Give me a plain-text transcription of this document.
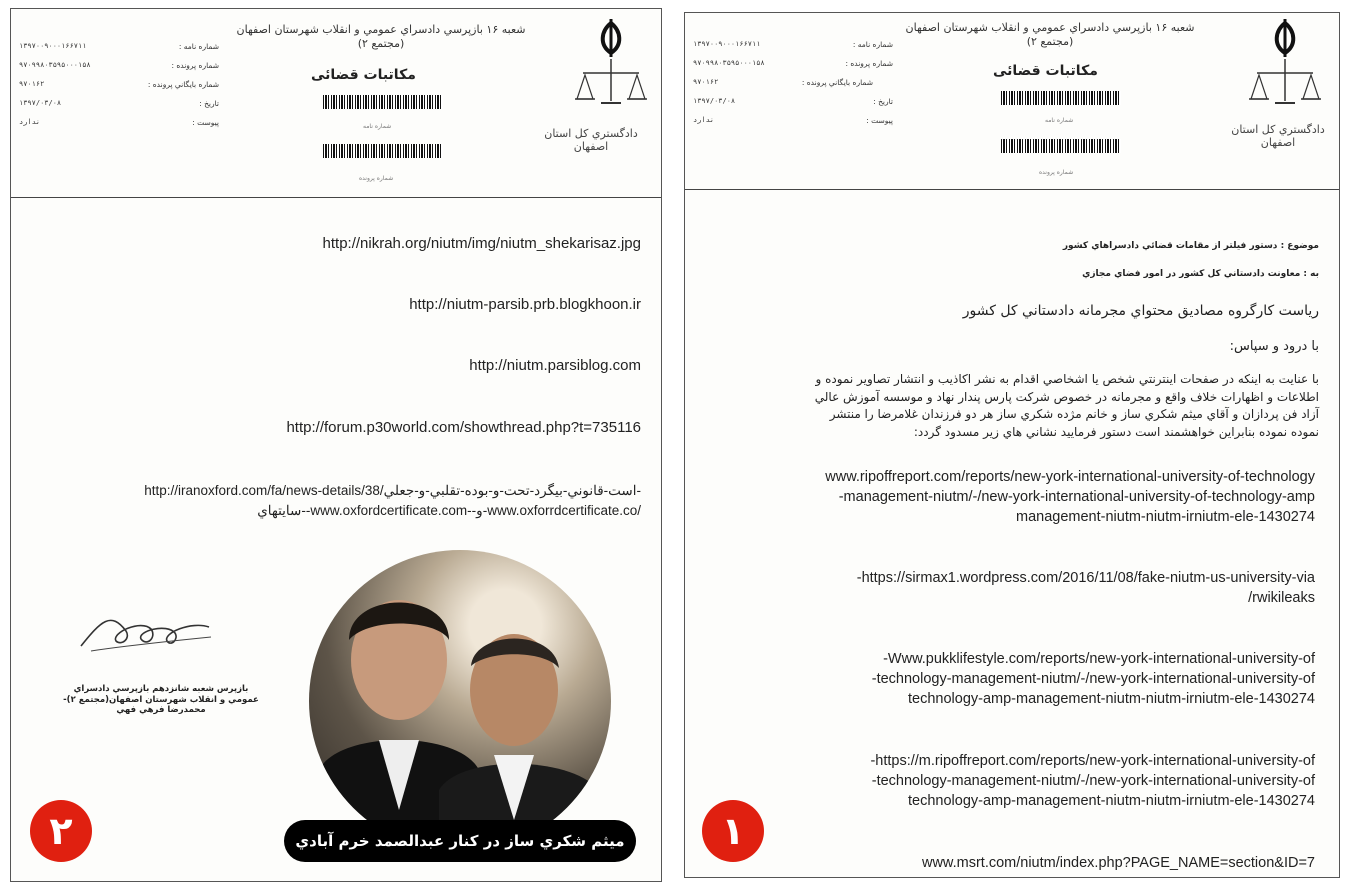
۱۳۹۷۰۰۹۰۰۰۱۶۶۷۱۱	شماره نامه :
۹۷۰۹۹۸۰۳۵۹۵۰۰۰۱۵۸	شماره پرونده :
۹۷۰۱۶۲	شماره بايگاني پرونده :
۱۳۹۷/۰۳/۰۸	تاريخ :
ندارد	پيوست :
شعبه ۱۶ بازپرسي دادسراي عمومي و انقلاب شهرستان اصفهان
(مجتمع ۲)
مكاتبات قضائى
شماره نامه
شماره پرونده
دادگستري كل استان
اصفهان
http://nikrah.org/niutm/img/niutm_shekarisaz.jpg
http://niutm-parsib.prb.blogkhoon.ir
http://niutm.parsiblog.com
http://forum.p30world.com/showthread.php?t=735116
http://iranoxford.com/fa/news-details/38/است-قانوني-بيگرد-تحت-و-بوده-تقلبي-و-جعلي-
سايتهاي--www.oxfordcertificate.com--و-www.oxforrdcertificate.co/
بازپرس شعبه شانزدهم بازپرسي دادسراي
عمومي و انقلاب شهرستان اصفهان(مجتمع ۲)-
محمدرضا فرهي فهي
ميثم شكري ساز در كنار عبدالصمد خرم آبادي
۲
۱۳۹۷۰۰۹۰۰۰۱۶۶۷۱۱	شماره نامه :
۹۷۰۹۹۸۰۳۵۹۵۰۰۰۱۵۸	شماره پرونده :
۹۷۰۱۶۲	شماره بايگاني پرونده :
۱۳۹۷/۰۳/۰۸	تاريخ :
ندارد	پيوست :
شعبه ۱۶ بازپرسي دادسراي عمومي و انقلاب شهرستان اصفهان
(مجتمع ۲)
مكاتبات قضائى
شماره نامه
شماره پرونده
دادگستري كل استان
اصفهان
موضوع : دستور فيلتر از مقامات قضائي دادسراهاي كشور
به : معاونت دادستاني كل كشور در امور فضاي مجازي
رياست كارگروه مصاديق محتواي مجرمانه دادستاني كل كشور
با درود و سپاس:
با عنايت به اينكه در صفحات اينترنتي شخص يا اشخاصي اقدام به نشر اكاذيب و انتشار تصاوير نموده و
اطلاعات و اظهارات خلاف واقع و مجرمانه در خصوص شركت پارس پندار نهاد و موسسه آموزش عالي
آزاد فن پردازان و آقاي ميثم شكري ساز و خانم مژده شكري ساز هر دو فرزندان غلامرضا را منتشر
نموده نموده بنابراين خواهشمند است دستور فرماييد نشاني هاي زير مسدود گردد:
www.ripoffreport.com/reports/new-york-international-university-of-technology
-management-niutm/-/new-york-international-university-of-technology-amp
management-niutm-niutm-irniutm-ele-1430274
-https://sirmax1.wordpress.com/2016/11/08/fake-niutm-us-university-via
/rwikileaks
-Www.pukklifestyle.com/reports/new-york-international-university-of
-technology-management-niutm/-/new-york-international-university-of
technology-amp-management-niutm-niutm-irniutm-ele-1430274
-https://m.ripoffreport.com/reports/new-york-international-university-of
-technology-management-niutm/-/new-york-international-university-of
technology-amp-management-niutm-niutm-irniutm-ele-1430274
www.msrt.com/niutm/index.php?PAGE_NAME=section&ID=7
۱
